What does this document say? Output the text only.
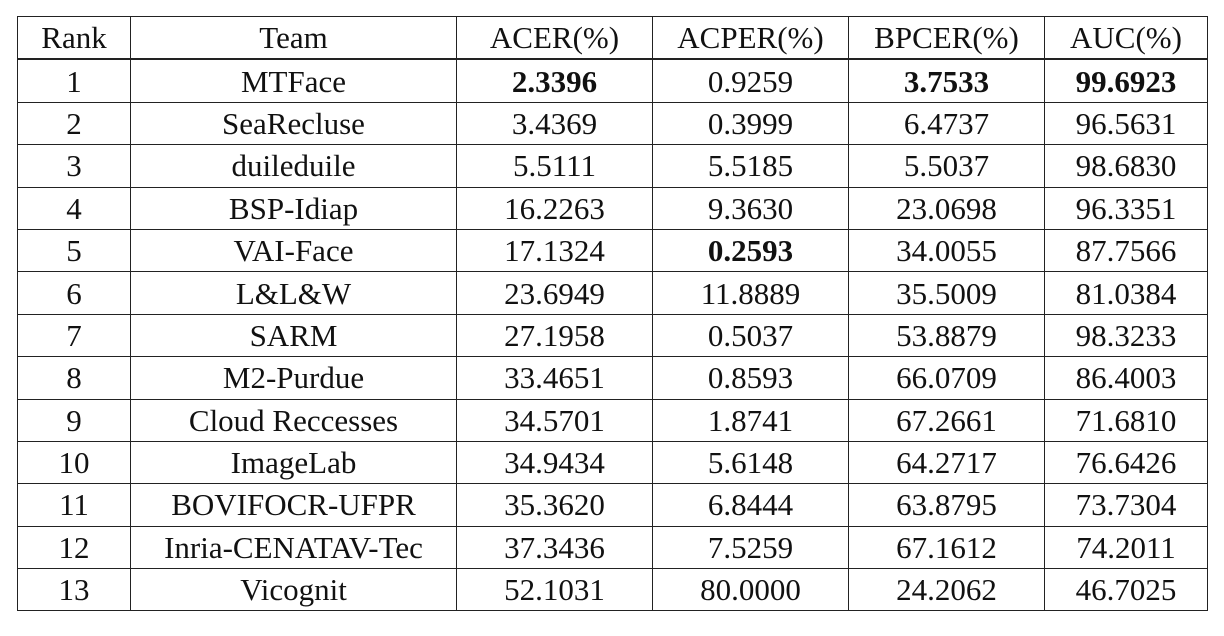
Rank	Team	ACER(%)	ACPER(%)	BPCER(%)	AUC(%)
1	MTFace	2.3396	0.9259	3.7533	99.6923
2	SeaRecluse	3.4369	0.3999	6.4737	96.5631
3	duileduile	5.5111	5.5185	5.5037	98.6830
4	BSP-Idiap	16.2263	9.3630	23.0698	96.3351
5	VAI-Face	17.1324	0.2593	34.0055	87.7566
6	L&L&W	23.6949	11.8889	35.5009	81.0384
7	SARM	27.1958	0.5037	53.8879	98.3233
8	M2-Purdue	33.4651	0.8593	66.0709	86.4003
9	Cloud Reccesses	34.5701	1.8741	67.2661	71.6810
10	ImageLab	34.9434	5.6148	64.2717	76.6426
11	BOVIFOCR-UFPR	35.3620	6.8444	63.8795	73.7304
12	Inria-CENATAV-Tec	37.3436	7.5259	67.1612	74.2011
13	Vicognit	52.1031	80.0000	24.2062	46.7025
